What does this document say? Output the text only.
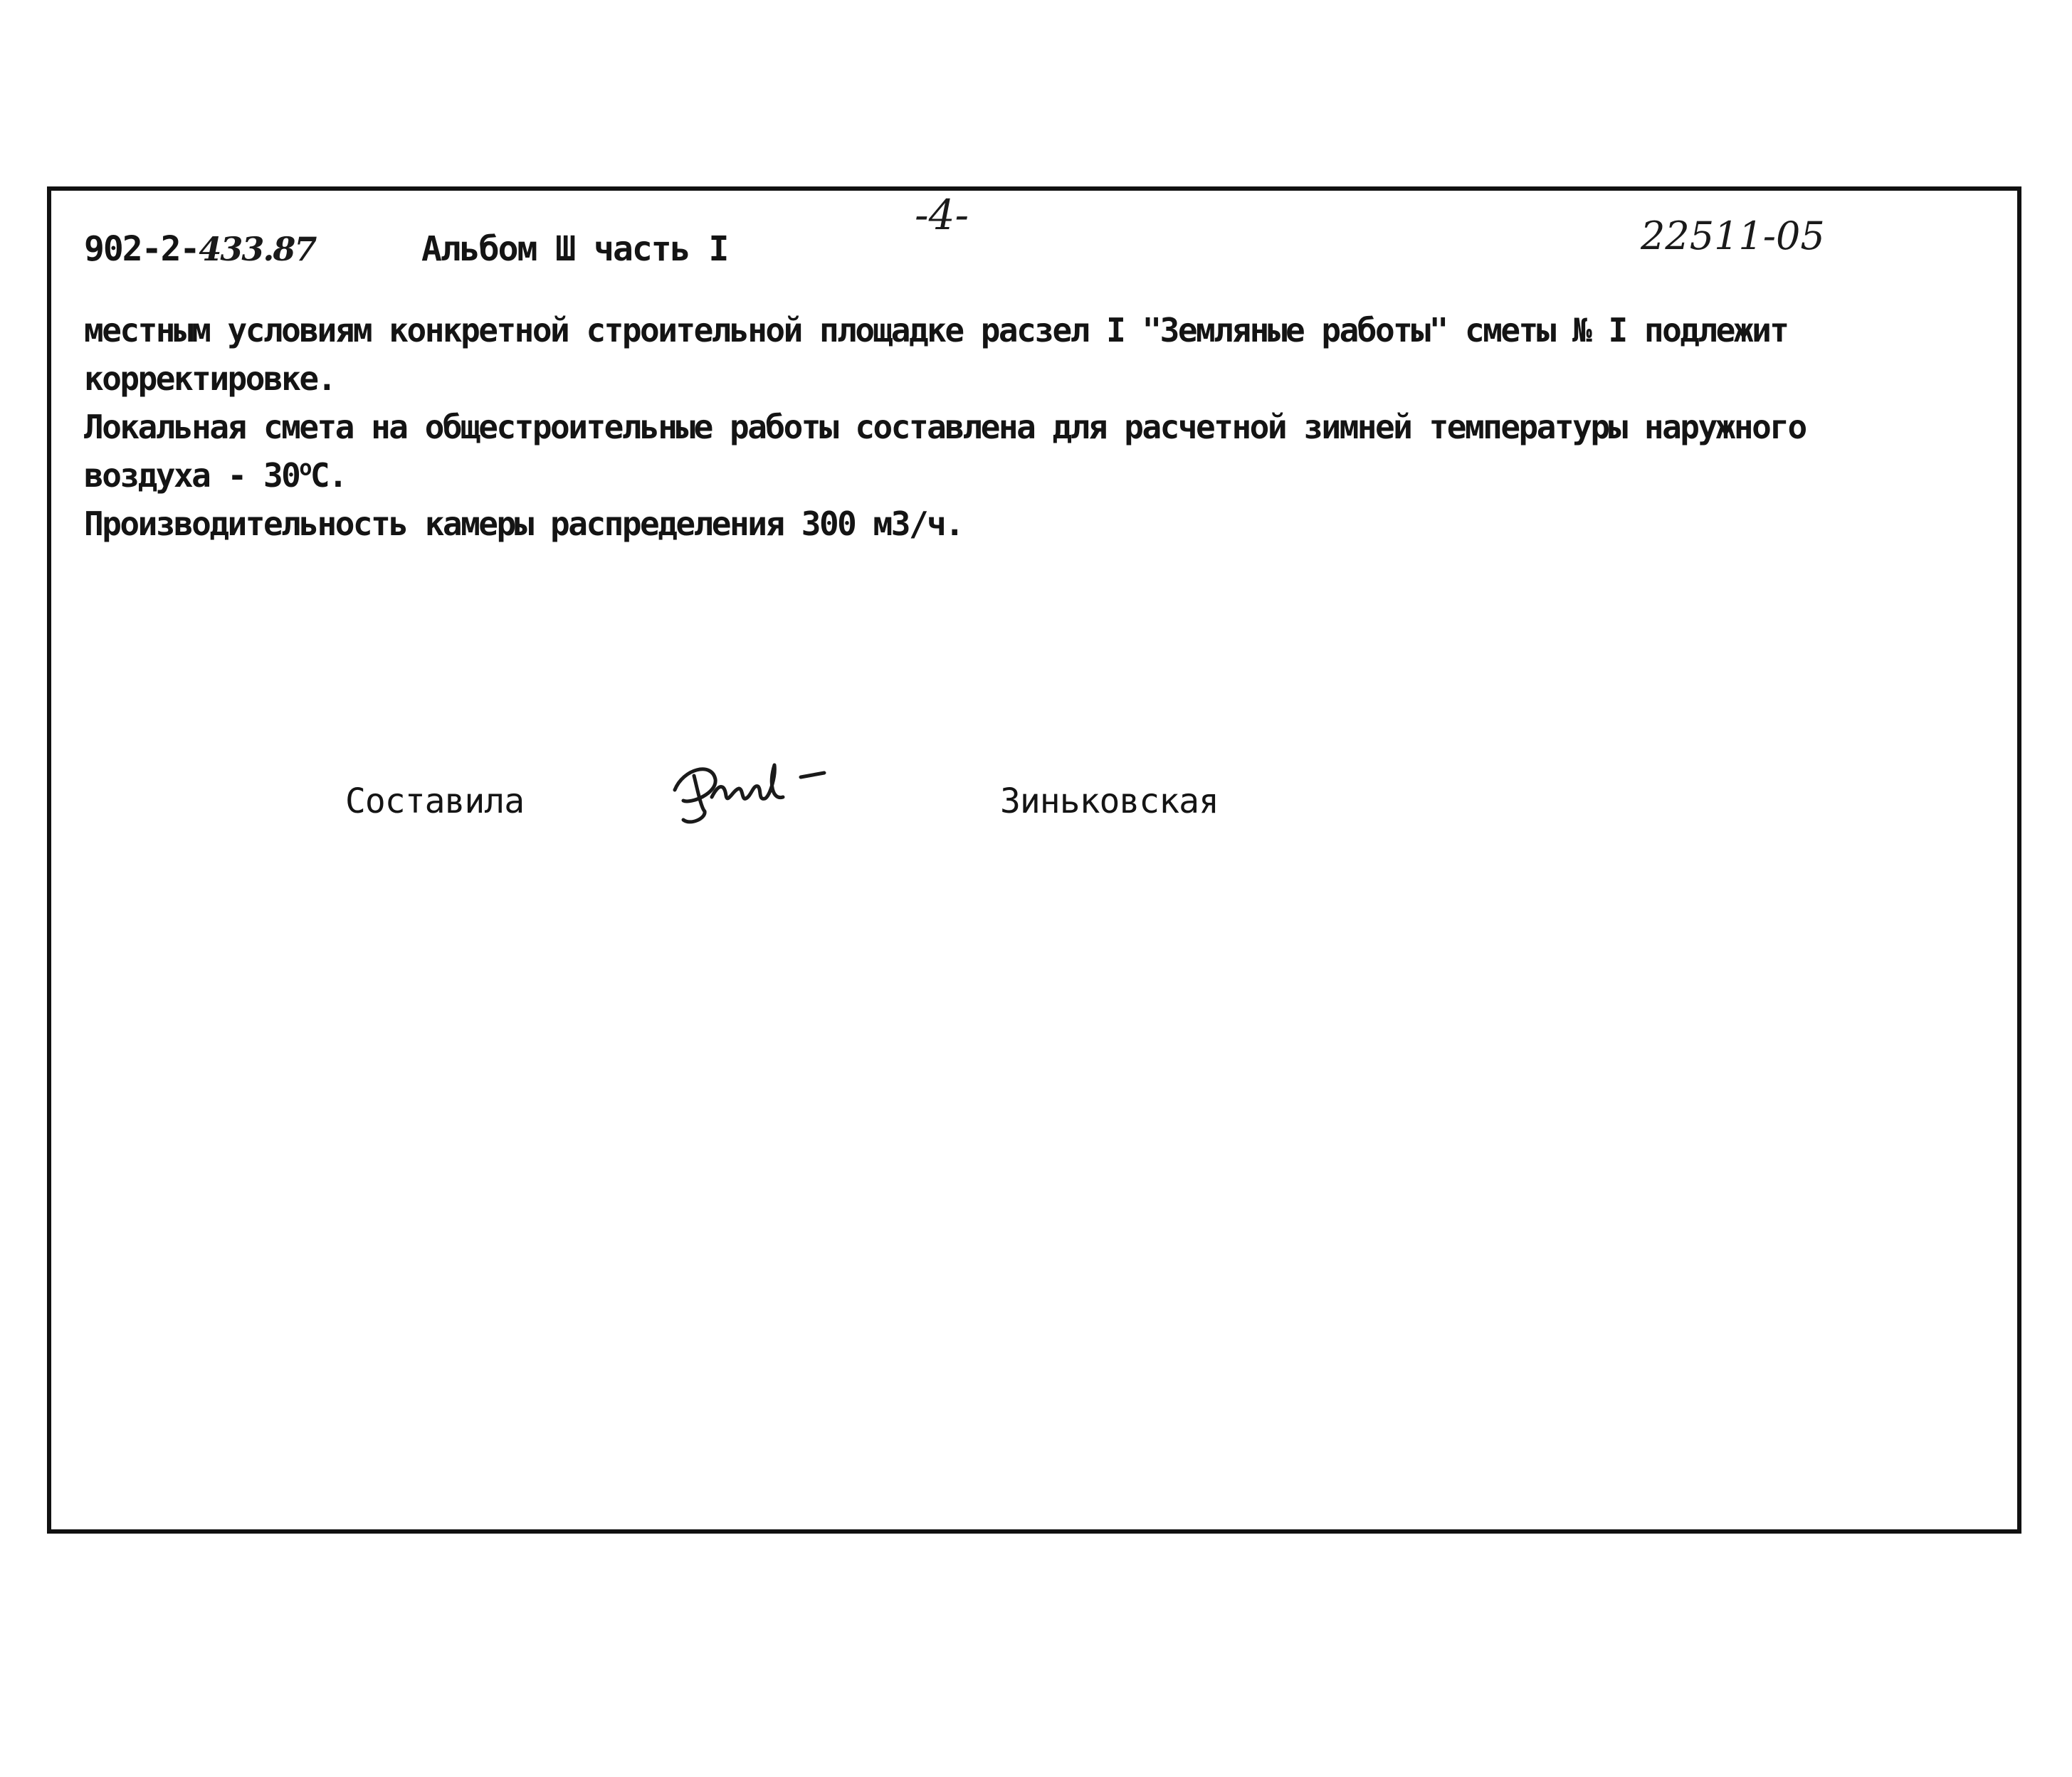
902-2-433.87	Альбом Ш часть I
-4-	22511-05
местным условиям конкретной строительной площадке расзел I "Земляные работы" сметы № I подлежит
корректировке.
Локальная смета на общестроительные работы составлена для расчетной зимней температуры наружного
воздуха - $30^оС$.
Производительность камеры распределения 300 м3/ч.
Составила	Зиньковская
